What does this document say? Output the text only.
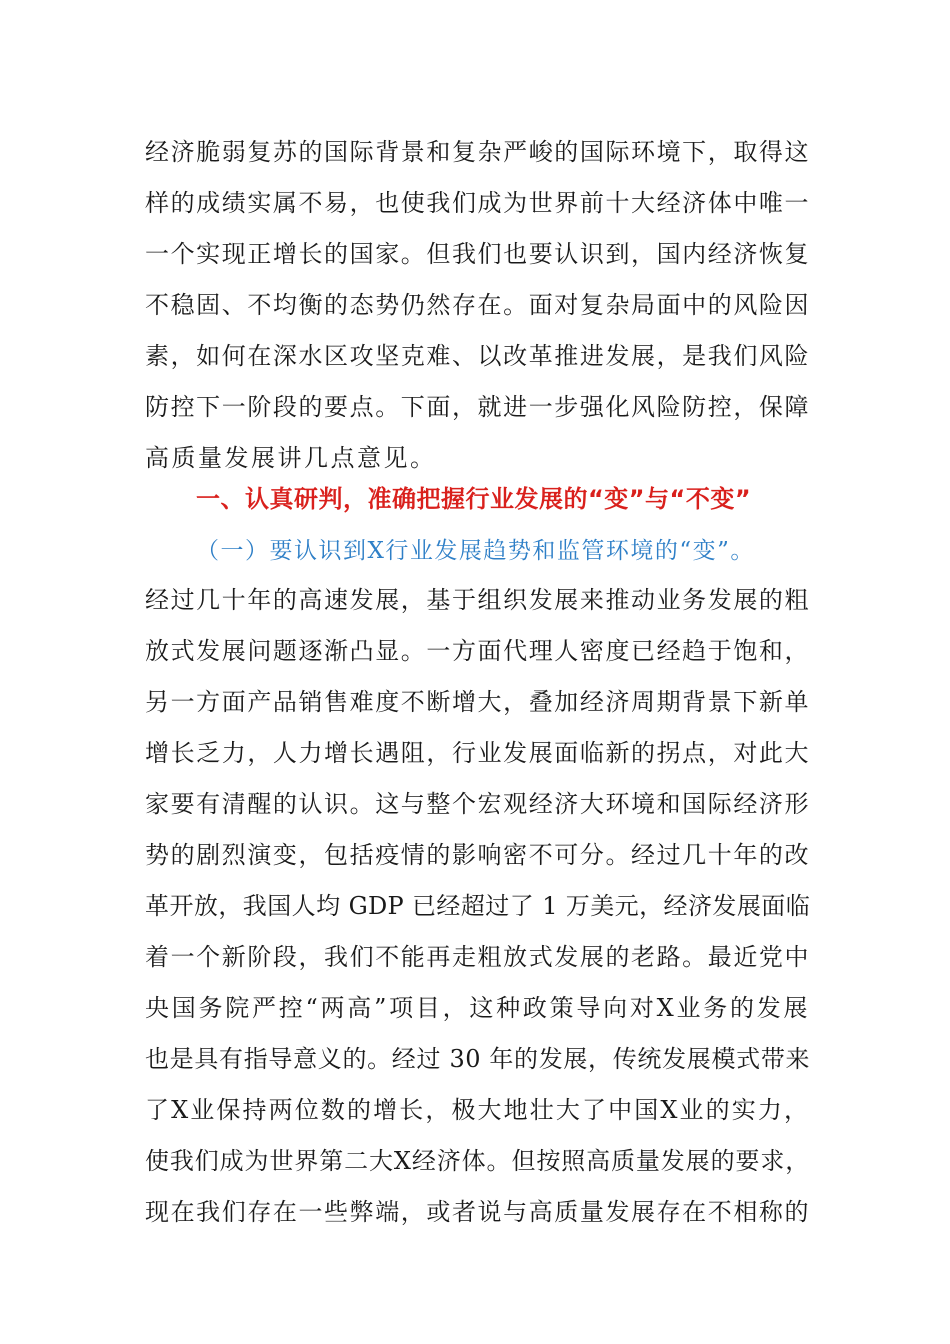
经济脆弱复苏的国际背景和复杂严峻的国际环境下，取得这
样的成绩实属不易，也使我们成为世界前十大经济体中唯一
一个实现正增长的国家。但我们也要认识到，国内经济恢复
不稳固、不均衡的态势仍然存在。面对复杂局面中的风险因
素，如何在深水区攻坚克难、以改革推进发展，是我们风险
防控下一阶段的要点。下面，就进一步强化风险防控，保障
高质量发展讲几点意见。
一、认真研判，准确把握行业发展的“变”与“不变”
（一）要认识到X行业发展趋势和监管环境的“变”。
经过几十年的高速发展，基于组织发展来推动业务发展的粗
放式发展问题逐渐凸显。一方面代理人密度已经趋于饱和，
另一方面产品销售难度不断增大，叠加经济周期背景下新单
增长乏力，人力增长遇阻，行业发展面临新的拐点，对此大
家要有清醒的认识。这与整个宏观经济大环境和国际经济形
势的剧烈演变，包括疫情的影响密不可分。经过几十年的改
革开放，我国人均 GDP 已经超过了 1 万美元，经济发展面临
着一个新阶段，我们不能再走粗放式发展的老路。最近党中
央国务院严控“两高”项目，这种政策导向对X业务的发展
也是具有指导意义的。经过 30 年的发展，传统发展模式带来
了X业保持两位数的增长，极大地壮大了中国X业的实力，
使我们成为世界第二大X经济体。但按照高质量发展的要求，
现在我们存在一些弊端，或者说与高质量发展存在不相称的
